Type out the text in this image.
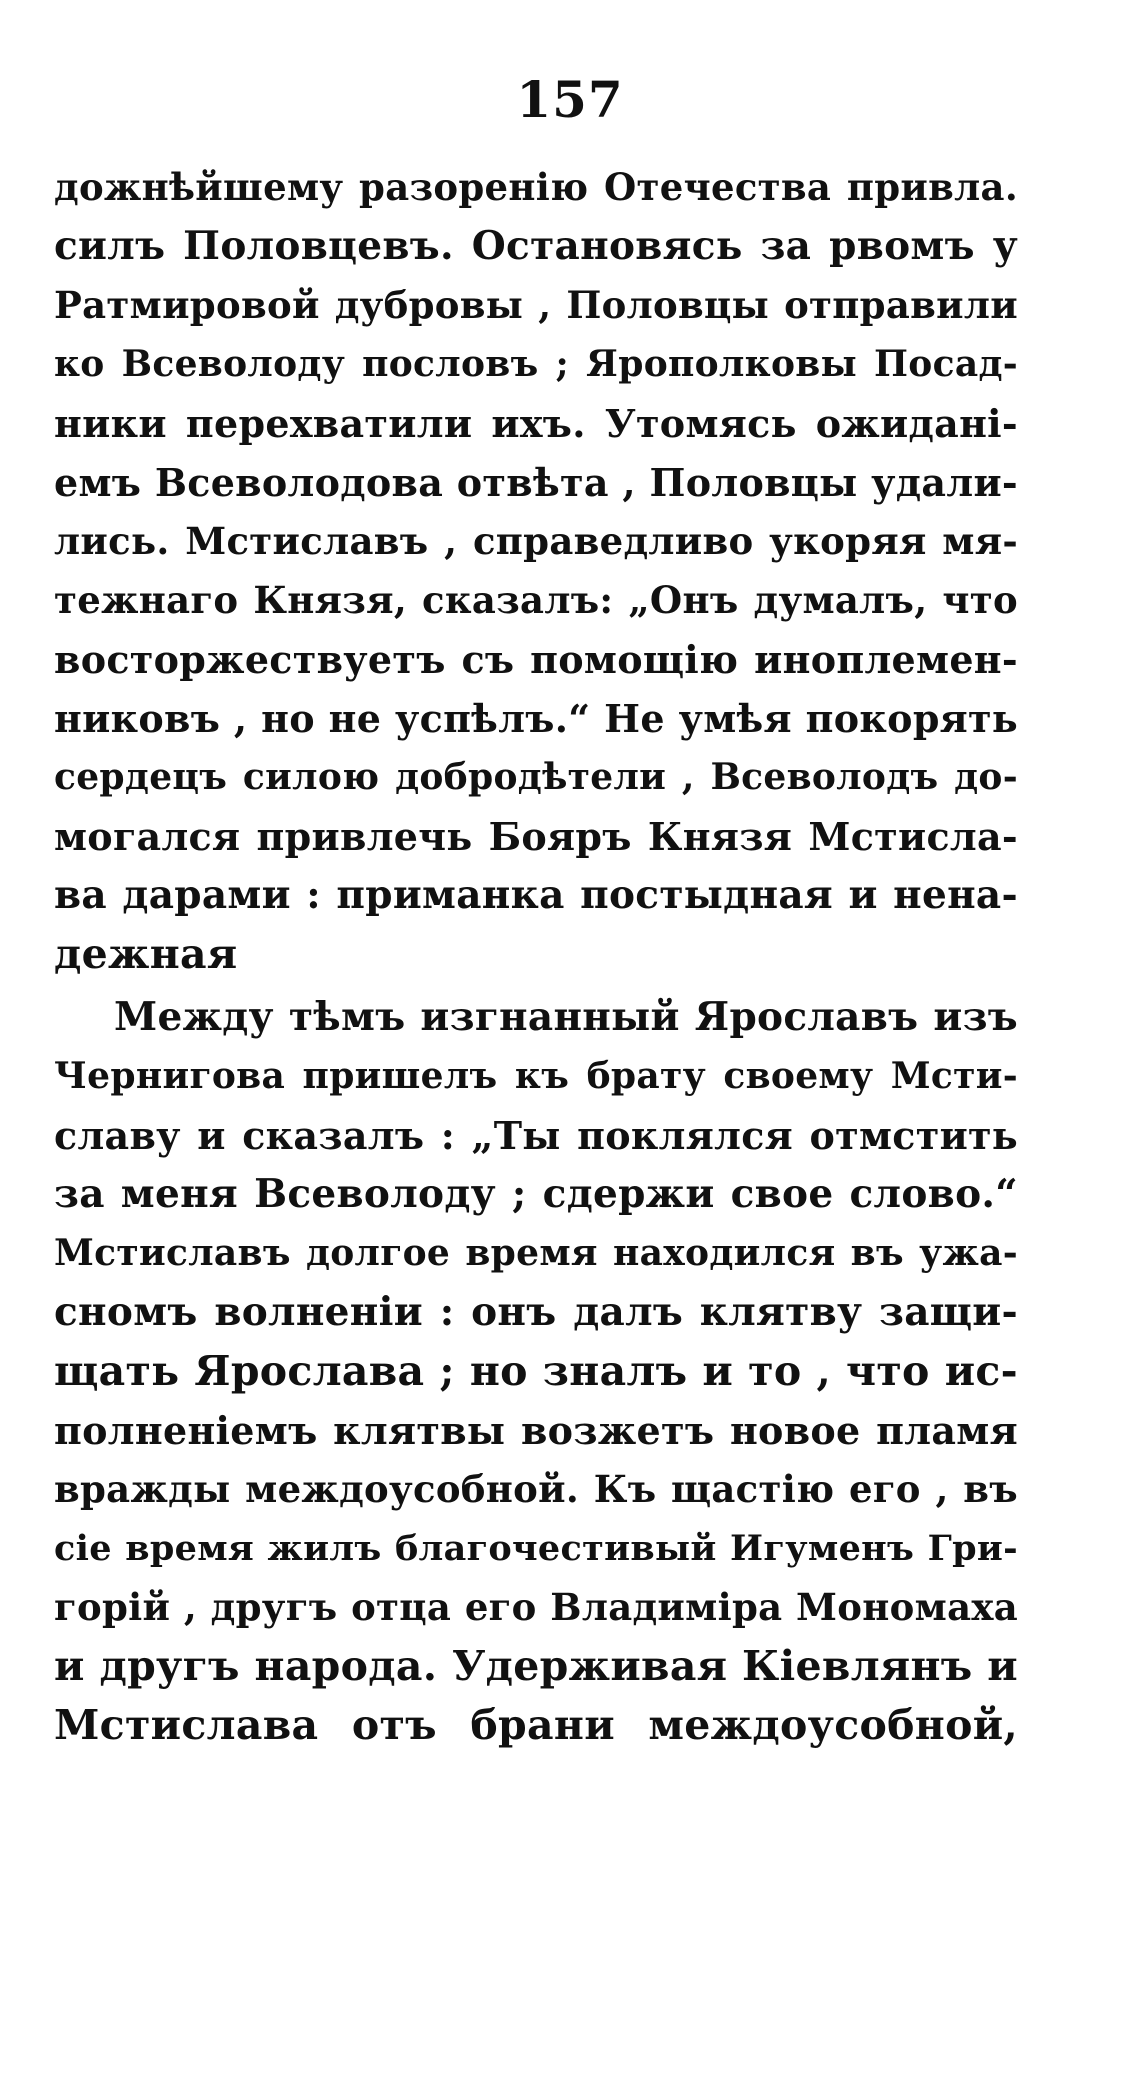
157
дожнѣйшему разоренію Отечества привла.
силъ Половцевъ. Остановясь за рвомъ у
Ратмировой дубровы , Половцы отправили
ко Всеволоду пословъ ; Ярополковы Посад-
ники перехватили ихъ. Утомясь ожидані-
емъ Всеволодова отвѣта , Половцы удали-
лись. Мстиславъ , справедливо укоряя мя-
тежнаго Князя, сказалъ: „Онъ думалъ, что
восторжествуетъ съ помощію иноплемен-
никовъ , но не успѣлъ.“ Не умѣя покорять
сердецъ силою добродѣтели , Всеволодъ до-
могался привлечь Бояръ Князя Мстисла-
ва дарами : приманка постыдная и нена-
дежная
Между тѣмъ изгнанный Ярославъ изъ
Чернигова пришелъ къ брату своему Мсти-
славу и сказалъ : „Ты поклялся отмстить
за меня Всеволоду ; сдержи свое слово.“
Мстиславъ долгое время находился въ ужа-
сномъ волненіи : онъ далъ клятву защи-
щать Ярослава ; но зналъ и то , что ис-
полненіемъ клятвы возжетъ новое пламя
вражды междоусобной. Къ щастію его , въ
сіе время жилъ благочестивый Игуменъ Гри-
горій , другъ отца его Владиміра Мономаха
и другъ народа. Удерживая Кіевлянъ и
Мстислава отъ брани междоусобной,
